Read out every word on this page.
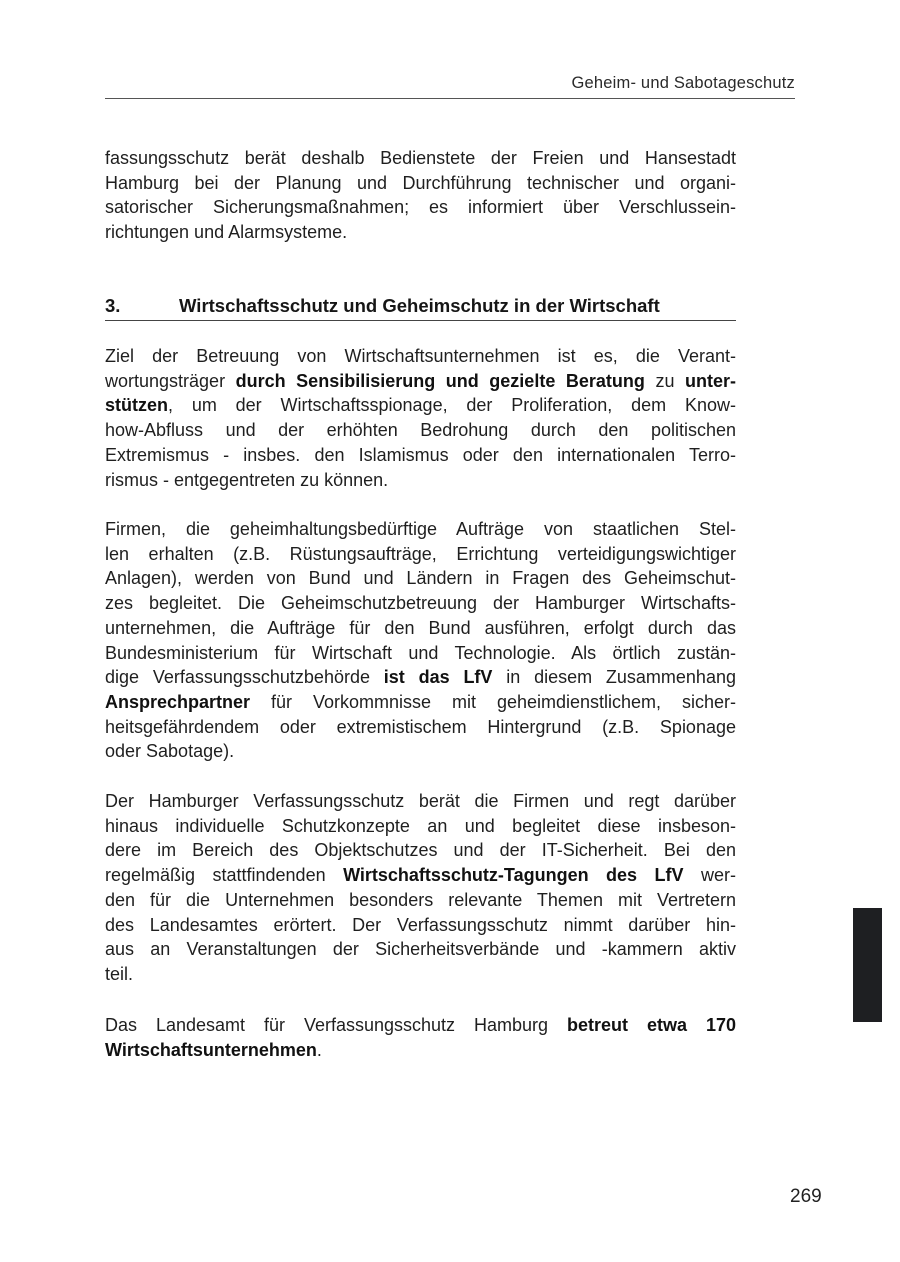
Geheim- und Sabotageschutz
fassungsschutz berät deshalb Bedienstete der Freien und Hansestadt
Hamburg bei der Planung und Durchführung technischer und organi-
satorischer Sicherungsmaßnahmen; es informiert über Verschlussein-
richtungen und Alarmsysteme.
3.	Wirtschaftsschutz und Geheimschutz in der Wirtschaft
Ziel der Betreuung von Wirtschaftsunternehmen ist es, die Verant-
wortungsträger durch Sensibilisierung und gezielte Beratung zu unter-
stützen, um der Wirtschaftsspionage, der Proliferation, dem Know-
how-Abfluss und der erhöhten Bedrohung durch den politischen
Extremismus - insbes. den Islamismus oder den internationalen Terro-
rismus - entgegentreten zu können.
Firmen, die geheimhaltungsbedürftige Aufträge von staatlichen Stel-
len erhalten (z.B. Rüstungsaufträge, Errichtung verteidigungswichtiger
Anlagen), werden von Bund und Ländern in Fragen des Geheimschut-
zes begleitet. Die Geheimschutzbetreuung der Hamburger Wirtschafts-
unternehmen, die Aufträge für den Bund ausführen, erfolgt durch das
Bundesministerium für Wirtschaft und Technologie. Als örtlich zustän-
dige Verfassungsschutzbehörde ist das LfV in diesem Zusammenhang
Ansprechpartner für Vorkommnisse mit geheimdienstlichem, sicher-
heitsgefährdendem oder extremistischem Hintergrund (z.B. Spionage
oder Sabotage).
Der Hamburger Verfassungsschutz berät die Firmen und regt darüber
hinaus individuelle Schutzkonzepte an und begleitet diese insbeson-
dere im Bereich des Objektschutzes und der IT-Sicherheit. Bei den
regelmäßig stattfindenden Wirtschaftsschutz-Tagungen des LfV wer-
den für die Unternehmen besonders relevante Themen mit Vertretern
des Landesamtes erörtert. Der Verfassungsschutz nimmt darüber hin-
aus an Veranstaltungen der Sicherheitsverbände und -kammern aktiv
teil.
Das Landesamt für Verfassungsschutz Hamburg betreut etwa 170
Wirtschaftsunternehmen.
269
